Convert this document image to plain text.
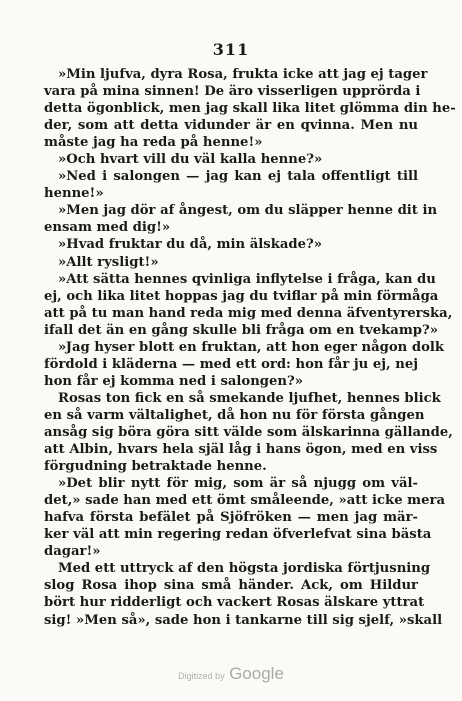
311
»Min ljufva, dyra Rosa, frukta icke att jag ej tager
vara på mina sinnen! De äro visserligen upprörda i
detta ögonblick, men jag skall lika litet glömma din he-
der, som att detta vidunder är en qvinna. Men nu
måste jag ha reda på henne!»
»Och hvart vill du väl kalla henne?»
»Ned i salongen — jag kan ej tala offentligt till
henne!»
»Men jag dör af ångest, om du släpper henne dit in
ensam med dig!»
»Hvad fruktar du då, min älskade?»
»Allt rysligt!»
»Att sätta hennes qvinliga inflytelse i fråga, kan du
ej, och lika litet hoppas jag du tviflar på min förmåga
att på tu man hand reda mig med denna äfventyrerska,
ifall det än en gång skulle bli fråga om en tvekamp?»
»Jag hyser blott en fruktan, att hon eger någon dolk
fördold i kläderna — med ett ord: hon får ju ej, nej
hon får ej komma ned i salongen?»
Rosas ton fick en så smekande ljufhet, hennes blick
en så varm vältalighet, då hon nu för första gången
ansåg sig böra göra sitt välde som älskarinna gällande,
att Albin, hvars hela själ låg i hans ögon, med en viss
förgudning betraktade henne.
»Det blir nytt för mig, som är så njugg om väl-
det,» sade han med ett ömt småleende, »att icke mera
hafva första befälet på Sjöfröken — men jag mär-
ker väl att min regering redan öfverlefvat sina bästa
dagar!»
Med ett uttryck af den högsta jordiska förtjusning
slog Rosa ihop sina små händer. Ack, om Hildur
bört hur ridderligt och vackert Rosas älskare yttrat
sig! »Men så», sade hon i tankarne till sig sjelf, »skall
Digitized by Google
